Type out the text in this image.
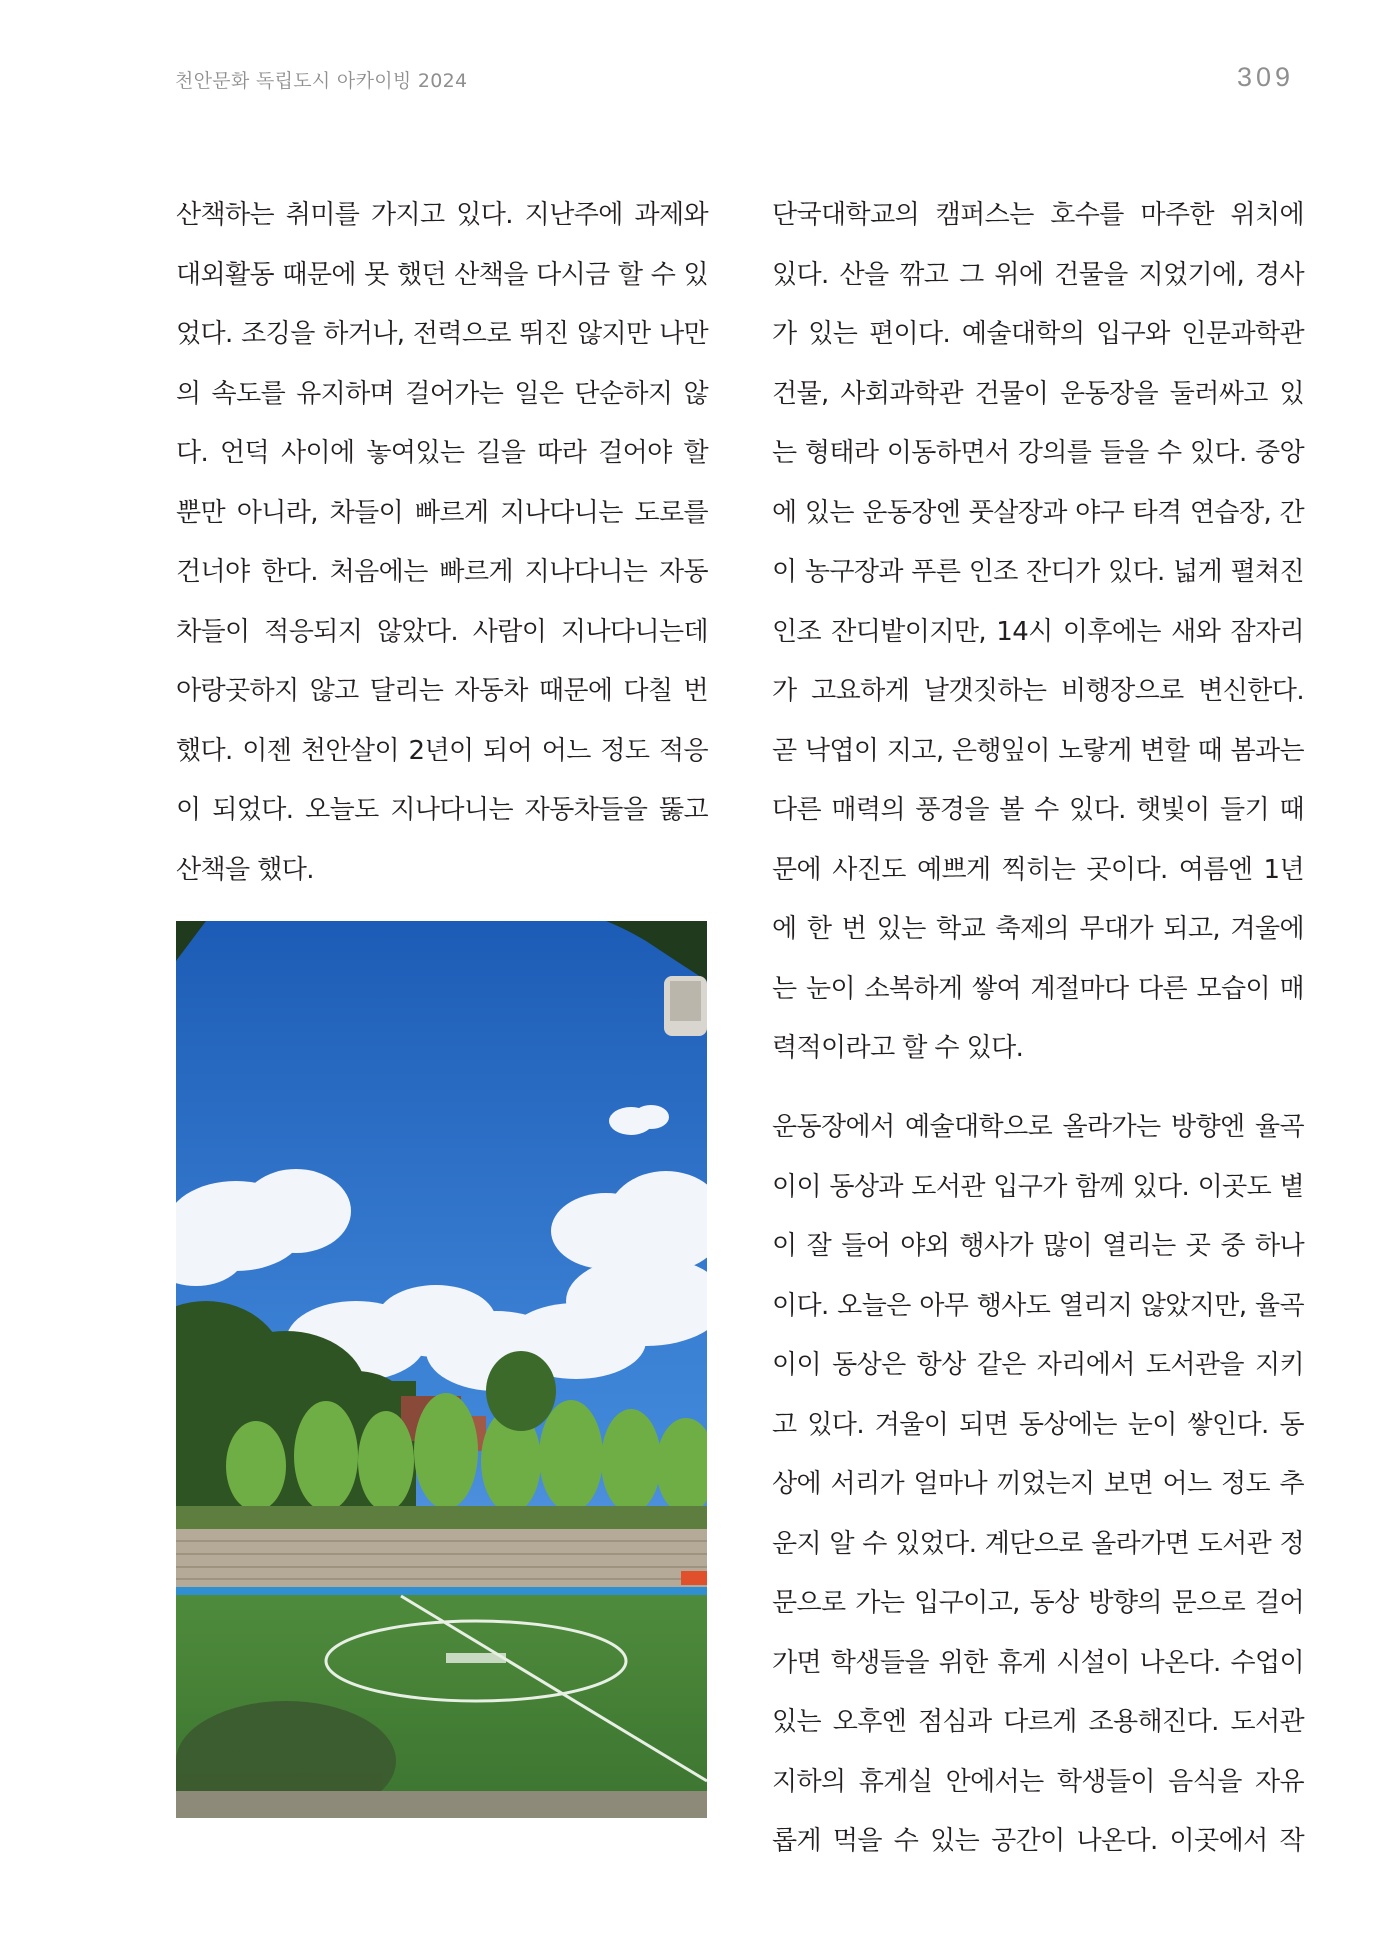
천안문화 독립도시 아카이빙 2024	309

산책하는 취미를 가지고 있다. 지난주에 과제와
대외활동 때문에 못 했던 산책을 다시금 할 수 있
었다. 조깅을 하거나, 전력으로 뛰진 않지만 나만
의 속도를 유지하며 걸어가는 일은 단순하지 않
다. 언덕 사이에 놓여있는 길을 따라 걸어야 할
뿐만 아니라, 차들이 빠르게 지나다니는 도로를
건너야 한다. 처음에는 빠르게 지나다니는 자동
차들이 적응되지 않았다. 사람이 지나다니는데
아랑곳하지 않고 달리는 자동차 때문에 다칠 번
했다. 이젠 천안살이 2년이 되어 어느 정도 적응
이 되었다. 오늘도 지나다니는 자동차들을 뚫고
산책을 했다.

단국대학교의 캠퍼스는 호수를 마주한 위치에
있다. 산을 깎고 그 위에 건물을 지었기에, 경사
가 있는 편이다. 예술대학의 입구와 인문과학관
건물, 사회과학관 건물이 운동장을 둘러싸고 있
는 형태라 이동하면서 강의를 들을 수 있다. 중앙
에 있는 운동장엔 풋살장과 야구 타격 연습장, 간
이 농구장과 푸른 인조 잔디가 있다. 넓게 펼쳐진
인조 잔디밭이지만, 14시 이후에는 새와 잠자리
가 고요하게 날갯짓하는 비행장으로 변신한다.
곧 낙엽이 지고, 은행잎이 노랗게 변할 때 봄과는
다른 매력의 풍경을 볼 수 있다. 햇빛이 들기 때
문에 사진도 예쁘게 찍히는 곳이다. 여름엔 1년
에 한 번 있는 학교 축제의 무대가 되고, 겨울에
는 눈이 소복하게 쌓여 계절마다 다른 모습이 매
력적이라고 할 수 있다.

운동장에서 예술대학으로 올라가는 방향엔 율곡
이이 동상과 도서관 입구가 함께 있다. 이곳도 볕
이 잘 들어 야외 행사가 많이 열리는 곳 중 하나
이다. 오늘은 아무 행사도 열리지 않았지만, 율곡
이이 동상은 항상 같은 자리에서 도서관을 지키
고 있다. 겨울이 되면 동상에는 눈이 쌓인다. 동
상에 서리가 얼마나 끼었는지 보면 어느 정도 추
운지 알 수 있었다. 계단으로 올라가면 도서관 정
문으로 가는 입구이고, 동상 방향의 문으로 걸어
가면 학생들을 위한 휴게 시설이 나온다. 수업이
있는 오후엔 점심과 다르게 조용해진다. 도서관
지하의 휴게실 안에서는 학생들이 음식을 자유
롭게 먹을 수 있는 공간이 나온다. 이곳에서 작
